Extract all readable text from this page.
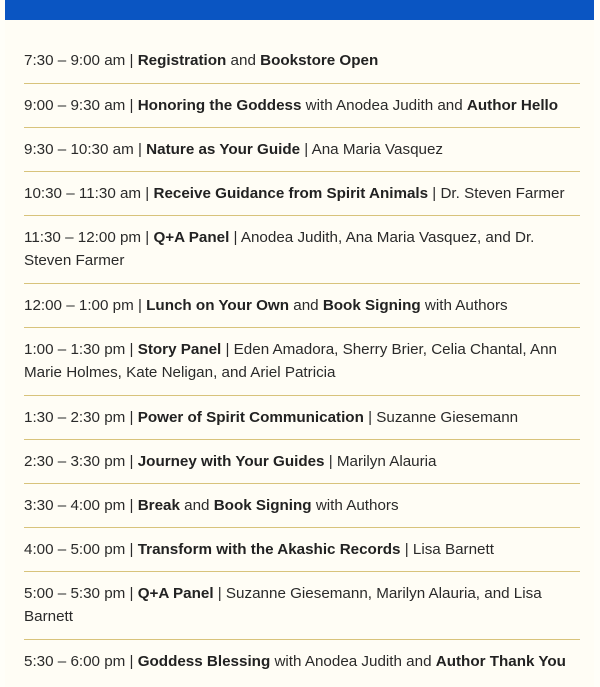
7:30 – 9:00 am | Registration and Bookstore Open
9:00 – 9:30 am | Honoring the Goddess with Anodea Judith and Author Hello
9:30 – 10:30 am | Nature as Your Guide | Ana Maria Vasquez
10:30 – 11:30 am | Receive Guidance from Spirit Animals | Dr. Steven Farmer
11:30 – 12:00 pm | Q+A Panel | Anodea Judith, Ana Maria Vasquez, and Dr. Steven Farmer
12:00 – 1:00 pm | Lunch on Your Own and Book Signing with Authors
1:00 – 1:30 pm | Story Panel | Eden Amadora, Sherry Brier, Celia Chantal, Ann Marie Holmes, Kate Neligan, and Ariel Patricia
1:30 – 2:30 pm | Power of Spirit Communication | Suzanne Giesemann
2:30 – 3:30 pm | Journey with Your Guides | Marilyn Alauria
3:30 – 4:00 pm | Break and Book Signing with Authors
4:00 – 5:00 pm | Transform with the Akashic Records | Lisa Barnett
5:00 – 5:30 pm | Q+A Panel | Suzanne Giesemann, Marilyn Alauria, and Lisa Barnett
5:30 – 6:00 pm | Goddess Blessing with Anodea Judith and Author Thank You
